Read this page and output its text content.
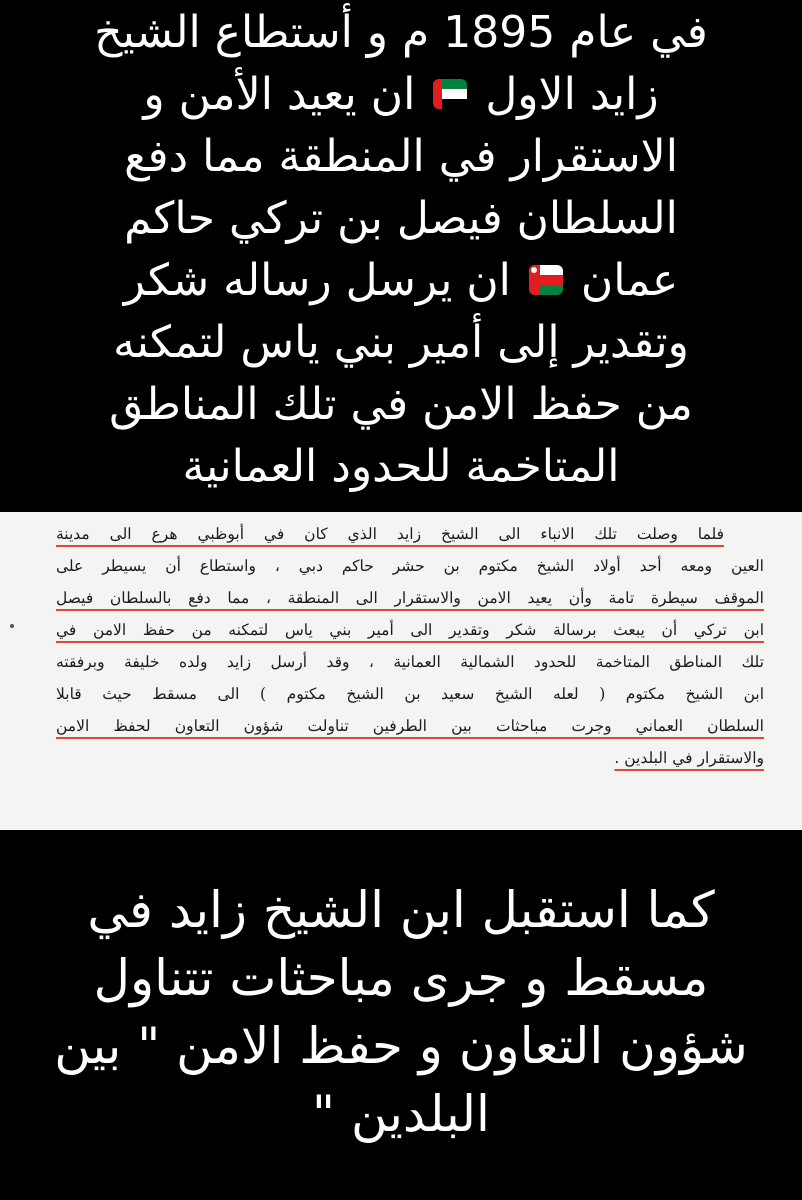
في عام 1895 م و أستطاع الشيخ
زايد الاول  ان يعيد الأمن و
الاستقرار في المنطقة مما دفع
السلطان فيصل بن تركي حاكم
عمان  ان يرسل رساله شكر
وتقدير إلى أمير بني ياس لتمكنه
من حفظ الامن في تلك المناطق
المتاخمة للحدود العمانية
فلما وصلت تلك الانباء الى الشيخ زايد الذي كان في أبوظبي هرع الى مدينة
العين ومعه أحد أولاد الشيخ مكتوم بن حشر حاكم دبي ، واستطاع أن يسيطر على
الموقف سيطرة تامة وأن يعيد الامن والاستقرار الى المنطقة ، مما دفع بالسلطان فيصل
ابن تركي أن يبعث برسالة شكر وتقدير الى أمير بني ياس لتمكنه من حفظ الامن في
تلك المناطق المتاخمة للحدود الشمالية العمانية ، وقد أرسل زايد ولده خليفة وبرفقته
ابن الشيخ مكتوم ( لعله الشيخ سعيد بن الشيخ مكتوم ) الى مسقط حيث قابلا
السلطان العماني وجرت مباحثات بين الطرفين تناولت شؤون التعاون لحفظ الامن
والاستقرار في البلدين .
كما استقبل ابن الشيخ زايد في
مسقط و جرى مباحثات تتناول
شؤون التعاون و حفظ الامن " بين
البلدين "
